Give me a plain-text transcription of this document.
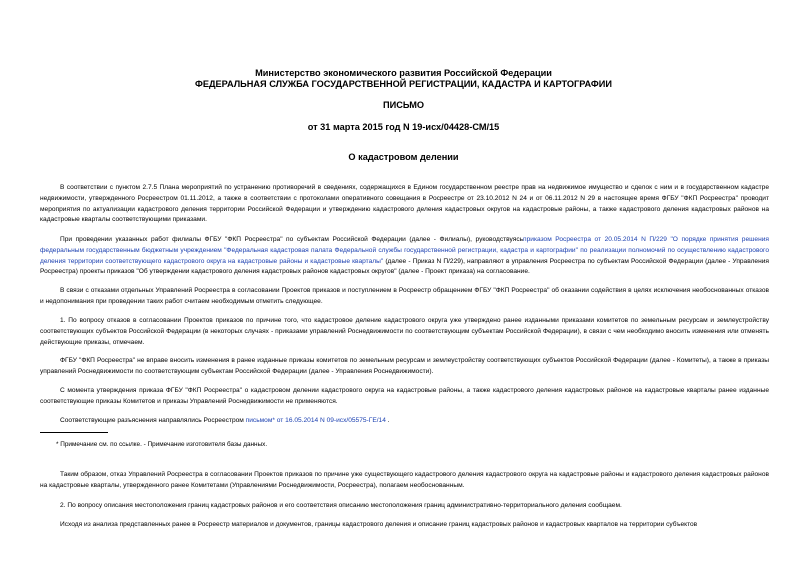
Министерство экономического развития Российской Федерации
ФЕДЕРАЛЬНАЯ СЛУЖБА ГОСУДАРСТВЕННОЙ РЕГИСТРАЦИИ, КАДАСТРА И КАРТОГРАФИИ
ПИСЬМО
от 31 марта 2015 год N 19-исх/04428-СМ/15
О кадастровом делении

В соответствии с пунктом 2.7.5 Плана мероприятий по устранению противоречий в сведениях, содержащихся в Едином государственном реестре прав на недвижимое имущество и сделок с ним и в государственном кадастре недвижимости, утвержденного Росреестром 01.11.2012, а также в соответствии с протоколами оперативного совещания в Росреестре от 23.10.2012 N 24 и от 06.11.2012 N 29 в настоящее время ФГБУ "ФКП Росреестра" проводит мероприятия по актуализации кадастрового деления территории Российской Федерации и утверждению кадастрового деления кадастровых округов на кадастровые районы, а также кадастрового деления кадастровых районов на кадастровые кварталы соответствующими приказами.

При проведении указанных работ филиалы ФГБУ "ФКП Росреестра" по субъектам Российской Федерации (далее - Филиалы), руководствуясьприказом Росреестра от 20.05.2014 N П/229 "О порядке принятия решения федеральным государственным бюджетным учреждением "Федеральная кадастровая палата Федеральной службы государственной регистрации, кадастра и картографии" по реализации полномочий по осуществлению кадастрового деления территории соответствующего кадастрового округа на кадастровые районы и кадастровые кварталы" (далее - Приказ N П/229), направляют в управления Росреестра по субъектам Российской Федерации (далее - Управления Росреестра) проекты приказов "Об утверждении кадастрового деления кадастровых районов кадастровых округов" (далее - Проект приказа) на согласование.

В связи с отказами отдельных Управлений Росреестра в согласовании Проектов приказов и поступлением в Росреестр обращением ФГБУ "ФКП Росреестра" об оказании содействия в целях исключения необоснованных отказов и недопонимания при проведении таких работ считаем необходимым отметить следующее.

1. По вопросу отказов в согласовании Проектов приказов по причине того, что кадастровое деление кадастрового округа уже утверждено ранее изданными приказами комитетов по земельным ресурсам и землеустройству соответствующих субъектов Российской Федерации (в некоторых случаях - приказами управлений Роснедвижимости по соответствующим субъектам Российской Федерации), в связи с чем необходимо вносить изменения или отменять действующие приказы, отмечаем.

ФГБУ "ФКП Росреестра" не вправе вносить изменения в ранее изданные приказы комитетов по земельным ресурсам и землеустройству соответствующих субъектов Российской Федерации (далее - Комитеты), а также в приказы управлений Роснедвижимости по соответствующим субъектам Российской Федерации (далее - Управления Роснедвижимости).

С момента утверждения приказа ФГБУ "ФКП Росреестра" о кадастровом делении кадастрового округа на кадастровые районы, а также кадастрового деления кадастровых районов на кадастровые кварталы ранее изданные соответствующие приказы Комитетов и приказы Управлений Роснедвижимости не применяются.

Соответствующие разъяснения направлялись Росреестром письмом* от 16.05.2014 N 09-исх/05575-ГЕ/14 .

* Примечание см. по ссылке. - Примечание изготовителя базы данных.

Таким образом, отказ Управлений Росреестра в согласовании Проектов приказов по причине уже существующего кадастрового деления кадастрового округа на кадастровые районы и кадастрового деления кадастровых районов на кадастровые кварталы, утвержденного ранее Комитетами (Управлениями Роснедвижимости, Росреестра), полагаем необоснованным.

2. По вопросу описания местоположения границ кадастровых районов и его соответствия описанию местоположения границ административно-территориального деления сообщаем.

Исходя из анализа представленных ранее в Росреестр материалов и документов, границы кадастрового деления и описание границ кадастровых районов и кадастровых кварталов на территории субъектов
